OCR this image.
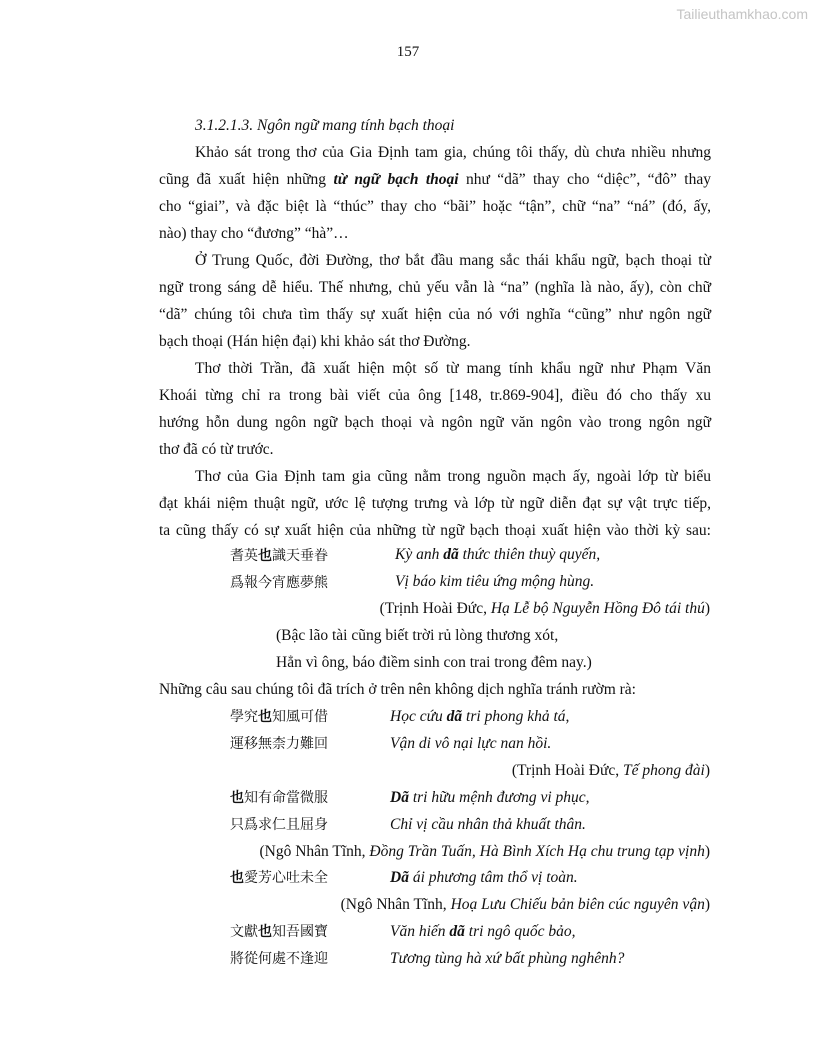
Tailieuthamkhao.com
157
3.1.2.1.3. Ngôn ngữ mang tính bạch thoại
Khảo sát trong thơ của Gia Định tam gia, chúng tôi thấy, dù chưa nhiều nhưng
cũng đã xuất hiện những từ ngữ bạch thoại như “dã” thay cho “diệc”, “đô” thay
cho “giai”, và đặc biệt là “thúc” thay cho “bãi” hoặc “tận”, chữ “na” “ná” (đó, ấy,
nào) thay cho “đương” “hà”…
Ở Trung Quốc, đời Đường, thơ bắt đầu mang sắc thái khẩu ngữ, bạch thoại từ
ngữ trong sáng dễ hiểu. Thế nhưng, chủ yếu vẫn là “na” (nghĩa là nào, ấy), còn chữ
“dã” chúng tôi chưa tìm thấy sự xuất hiện của nó với nghĩa “cũng” như ngôn ngữ
bạch thoại (Hán hiện đại) khi khảo sát thơ Đường.
Thơ thời Trần, đã xuất hiện một số từ mang tính khẩu ngữ như Phạm Văn
Khoái từng chỉ ra trong bài viết của ông [148, tr.869-904], điều đó cho thấy xu
hướng hỗn dung ngôn ngữ bạch thoại và ngôn ngữ văn ngôn vào trong ngôn ngữ
thơ đã có từ trước.
Thơ của Gia Định tam gia cũng nằm trong nguồn mạch ấy, ngoài lớp từ biểu
đạt khái niệm thuật ngữ, ước lệ tượng trưng và lớp từ ngữ diễn đạt sự vật trực tiếp,
ta cũng thấy có sự xuất hiện của những từ ngữ bạch thoại xuất hiện vào thời kỳ sau:
耆英也識天垂眷	Kỳ anh dã thức thiên thuỳ quyến,
爲報今宵應夢熊	Vị báo kim tiêu ứng mộng hùng.
(Trịnh Hoài Đức, Hạ Lễ bộ Nguyễn Hồng Đô tái thú)
(Bậc lão tài cũng biết trời rủ lòng thương xót,
Hẳn vì ông, báo điềm sinh con trai trong đêm nay.)
Những câu sau chúng tôi đã trích ở trên nên không dịch nghĩa tránh rườm rà:
學究也知風可借	Học cứu dã tri phong khả tá,
運移無柰力難回	Vận di vô nại lực nan hồi.
(Trịnh Hoài Đức, Tế phong đài)
也知有命當微服	Dã tri hữu mệnh đương vi phục,
只爲求仁且屈身	Chỉ vị cầu nhân thả khuất thân.
(Ngô Nhân Tĩnh, Đồng Trần Tuấn, Hà Bình Xích Hạ chu trung tạp vịnh)
也愛芳心吐未全	Dã ái phương tâm thổ vị toàn.
(Ngô Nhân Tĩnh, Hoạ Lưu Chiếu bản biên cúc nguyên vận)
文獻也知吾國寶	Văn hiến dã tri ngô quốc bảo,
將從何處不逢迎	Tương tùng hà xứ bất phùng nghênh?
